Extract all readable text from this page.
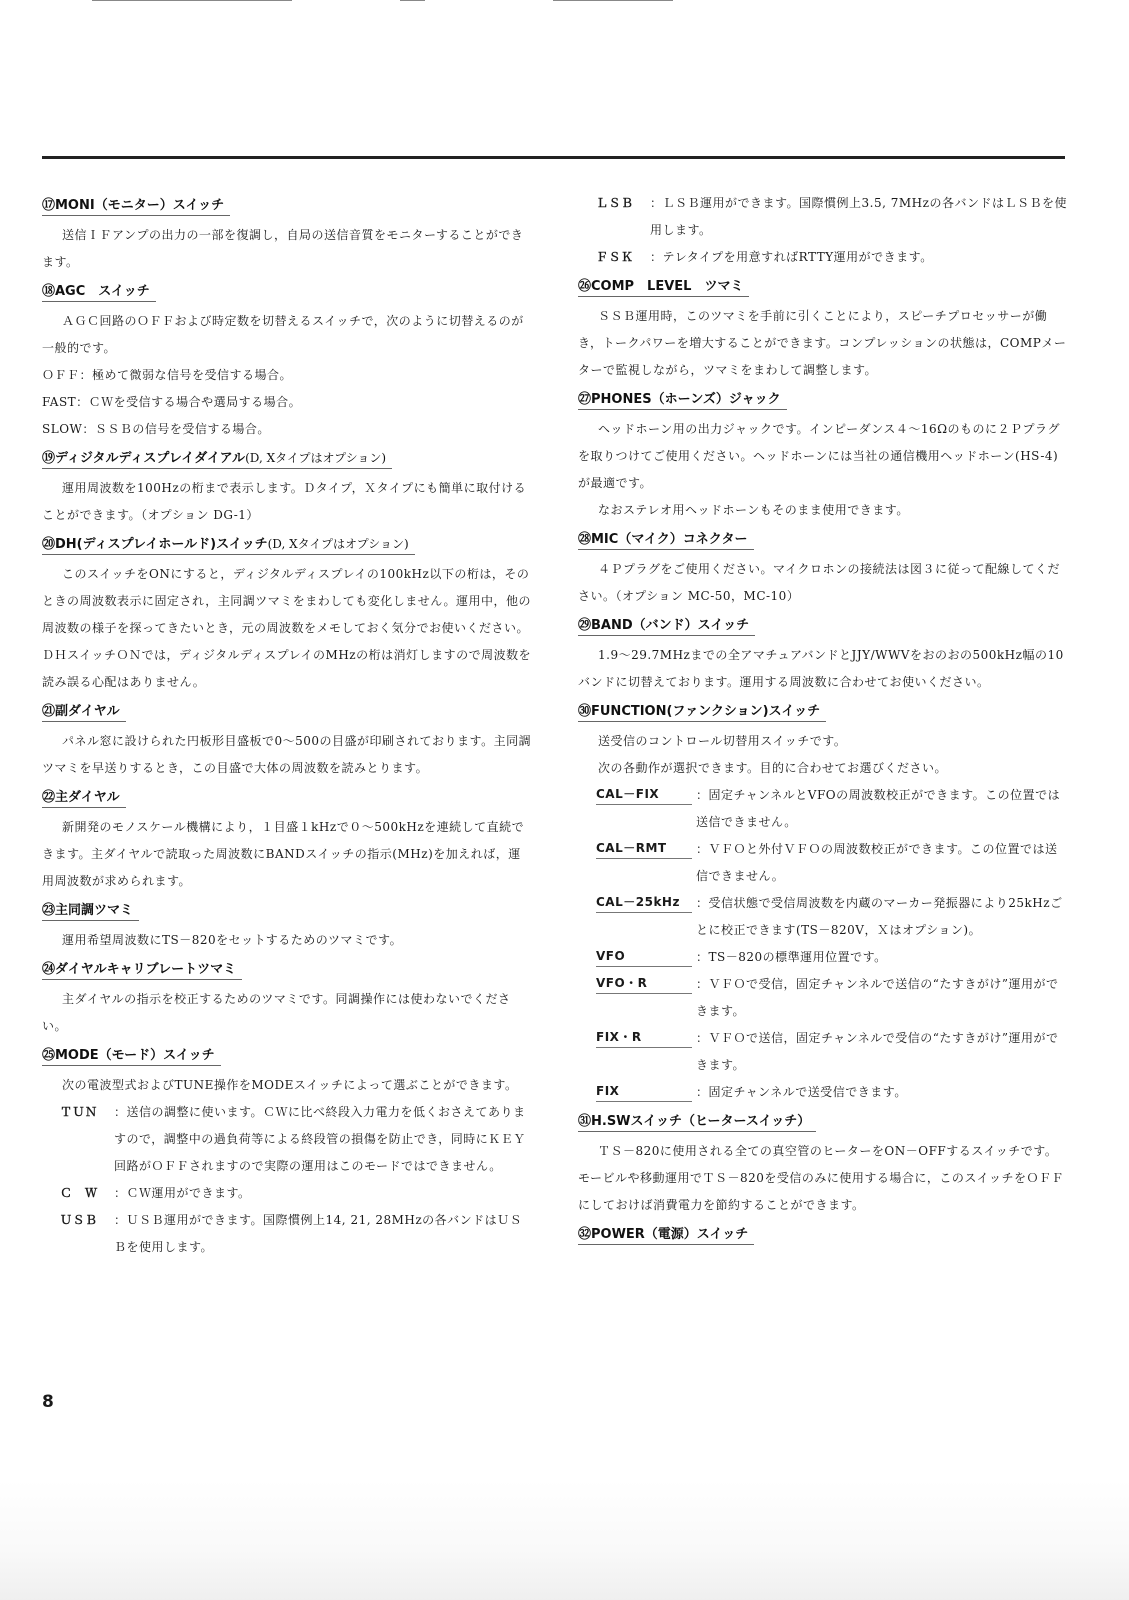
⑰MONI（モニター）スイッチ

送信ＩＦアンプの出力の一部を復調し，自局の送信音質をモニターすることができます。

⑱AGC　スイッチ

ＡＧＣ回路のＯＦＦおよび時定数を切替えるスイッチで，次のように切替えるのが一般的です。

ＯＦＦ：極めて微弱な信号を受信する場合。

FAST：ＣＷを受信する場合や選局する場合。

SLOW：ＳＳＢの信号を受信する場合。

⑲ディジタルディスプレイダイアル(D, Xタイプはオプション)

運用周波数を100Hzの桁まで表示します。Ｄタイプ，Ｘタイプにも簡単に取付けることができます。（オプション DG-1）

⑳DH(ディスプレイホールド)スイッチ(D, Xタイプはオプション)

このスイッチをONにすると，ディジタルディスプレイの100kHz以下の桁は，そのときの周波数表示に固定され，主同調ツマミをまわしても変化しません。運用中，他の周波数の様子を探ってきたいとき，元の周波数をメモしておく気分でお使いください。ＤＨスイッチＯＮでは，ディジタルディスプレイのMHzの桁は消灯しますので周波数を読み誤る心配はありません。

㉑副ダイヤル

パネル窓に設けられた円板形目盛板で0～500の目盛が印刷されております。主同調ツマミを早送りするとき，この目盛で大体の周波数を読みとります。

㉒主ダイヤル

新開発のモノスケール機構により，１目盛１kHzで０～500kHzを連続して直続できます。主ダイヤルで読取った周波数にBANDスイッチの指示(MHz)を加えれば，運用周波数が求められます。

㉓主同調ツマミ

運用希望周波数にTS－820をセットするためのツマミです。

㉔ダイヤルキャリブレートツマミ

主ダイヤルの指示を校正するためのツマミです。同調操作には使わないでください。

㉕MODE（モード）スイッチ

次の電波型式およびTUNE操作をMODEスイッチによって選ぶことができます。

ＴＵＮ	：送信の調整に使います。ＣＷに比べ終段入力電力を低くおさえてありますので，調整中の過負荷等による終段管の損傷を防止でき，同時にＫＥＹ回路がＯＦＦされますので実際の運用はこのモードではできません。
Ｃ　Ｗ	：ＣＷ運用ができます。
ＵＳＢ	：ＵＳＢ運用ができます。国際慣例上14, 21, 28MHzの各バンドはＵＳＢを使用します。
ＬＳＢ	：ＬＳＢ運用ができます。国際慣例上3.5, 7MHzの各バンドはＬＳＢを使用します。
ＦＳＫ	：テレタイプを用意すればRTTY運用ができます。
㉖COMP　LEVEL　ツマミ

ＳＳＢ運用時，このツマミを手前に引くことにより，スピーチプロセッサーが働き，トークパワーを増大することができます。コンプレッションの状態は，COMPメーターで監視しながら，ツマミをまわして調整します。

㉗PHONES（ホーンズ）ジャック

ヘッドホーン用の出力ジャックです。インピーダンス４～16Ωのものに２Ｐプラグを取りつけてご使用ください。ヘッドホーンには当社の通信機用ヘッドホーン(HS-4)が最適です。

なおステレオ用ヘッドホーンもそのまま使用できます。

㉘MIC（マイク）コネクター

４Ｐプラグをご使用ください。マイクロホンの接続法は図３に従って配線してください。（オプション MC-50，MC-10）

㉙BAND（バンド）スイッチ

1.9～29.7MHzまでの全アマチュアバンドとJJY/WWVをおのおの500kHz幅の10バンドに切替えております。運用する周波数に合わせてお使いください。

㉚FUNCTION(ファンクション)スイッチ

送受信のコントロール切替用スイッチです。

次の各動作が選択できます。目的に合わせてお選びください。

CAL－FIX	：固定チャンネルとVFOの周波数校正ができます。この位置では送信できません。
CAL－RMT	：ＶＦＯと外付ＶＦＯの周波数校正ができます。この位置では送信できません。
CAL－25kHz	：受信状態で受信周波数を内蔵のマーカー発振器により25kHzごとに校正できます(TS－820V，Ｘはオプション)。
VFO	：TS－820の標準運用位置です。
VFO・R	：ＶＦＯで受信，固定チャンネルで送信の“たすきがけ”運用ができます。
FIX・R	：ＶＦＯで送信，固定チャンネルで受信の“たすきがけ”運用ができます。
FIX	：固定チャンネルで送受信できます。
㉛H.SWスイッチ（ヒータースイッチ）

ＴＳ－820に使用される全ての真空管のヒーターをON－OFFするスイッチです。モービルや移動運用でＴＳ－820を受信のみに使用する場合に，このスイッチをＯＦＦにしておけば消費電力を節約することができます。

㉜POWER（電源）スイッチ
8
